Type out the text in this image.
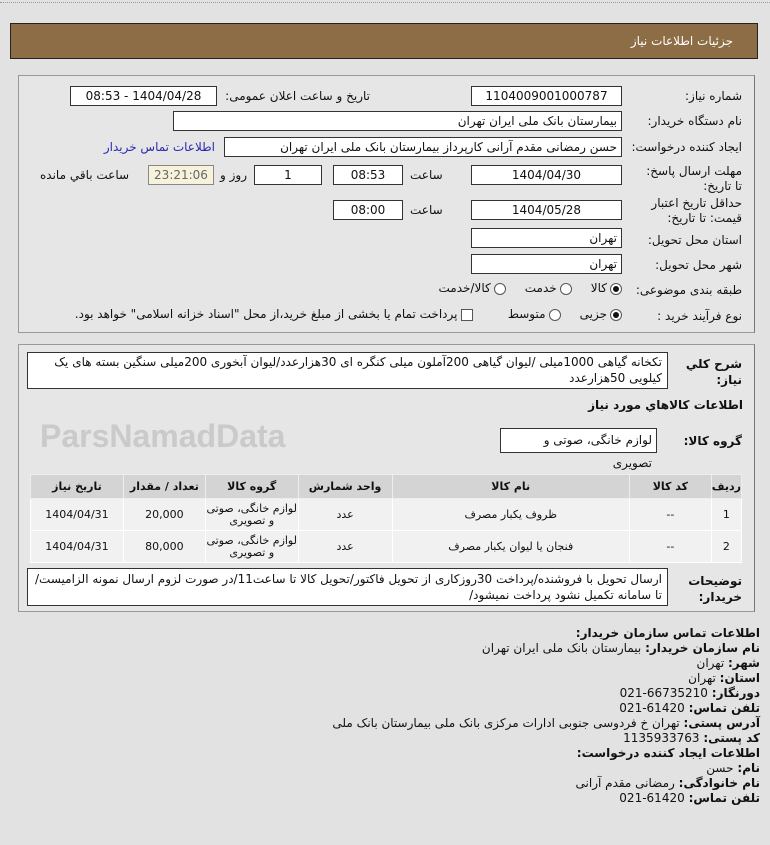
جزئیات اطلاعات نیاز
شماره نیاز:
1104009001000787
تاریخ و ساعت اعلان عمومی:
1404/04/28 - 08:53
نام دستگاه خریدار:
بیمارستان بانک ملی ایران تهران
ایجاد کننده درخواست:
حسن رمضانی مقدم آرانی کارپرداز بیمارستان بانک ملی ایران تهران
اطلاعات تماس خریدار
مهلت ارسال پاسخ: تا تاریخ:
1404/04/30
ساعت
08:53
1
روز و
23:21:06
ساعت باقي مانده
حداقل تاریخ اعتبار قیمت: تا تاریخ:
1404/05/28
ساعت
08:00
استان محل تحویل:
تهران
شهر محل تحویل:
تهران
طبقه بندی موضوعی:
کالا     خدمت     کالا/خدمت
نوع فرآیند خرید :
جزیی     متوسط         پرداخت تمام یا بخشی از مبلغ خرید،از محل "اسناد خزانه اسلامی" خواهد بود.
ParsNamadData
شرح کلي نیاز:
تکخانه گیاهی 1000میلی /لیوان گیاهی 200آملون میلی کنگره ای 30هزارعدد/لیوان آبخوری 200میلی سنگین بسته های یک کیلویی 50هزارعدد
اطلاعات کالاهاي مورد نياز
گروه کالا:
لوازم خانگی، صوتی و تصویری
ردیف	کد کالا	نام کالا	واحد شمارش	گروه کالا	تعداد / مقدار	تاریخ نیاز
1	--	ظروف یکبار مصرف	عدد	لوازم خانگی، صوتی و تصویری	20,000	1404/04/31
2	--	فنجان یا لیوان یکبار مصرف	عدد	لوازم خانگی، صوتی و تصویری	80,000	1404/04/31
توضیحات خریدار:
ارسال تحویل با فروشنده/پرداخت 30روزکاری از تحویل فاکتور/تحویل کالا تا ساعت11/در صورت لزوم ارسال نمونه الزامیست/تا سامانه تکمیل نشود پرداخت نمیشود/
اطلاعات تماس سازمان خریدار:
نام سازمان خریدار: بیمارستان بانک ملی ایران تهران
شهر: تهران
استان: تهران
دورنگار: 66735210-021
تلفن تماس: 61420-021
آدرس پستی: تهران خ فردوسی جنوبی ادارات مرکزی بانک ملی بیمارستان بانک ملی
کد پستی: 1135933763
اطلاعات ایجاد کننده درخواست:
نام: حسن
نام خانوادگی: رمضانی مقدم آرانی
تلفن تماس: 61420-021
